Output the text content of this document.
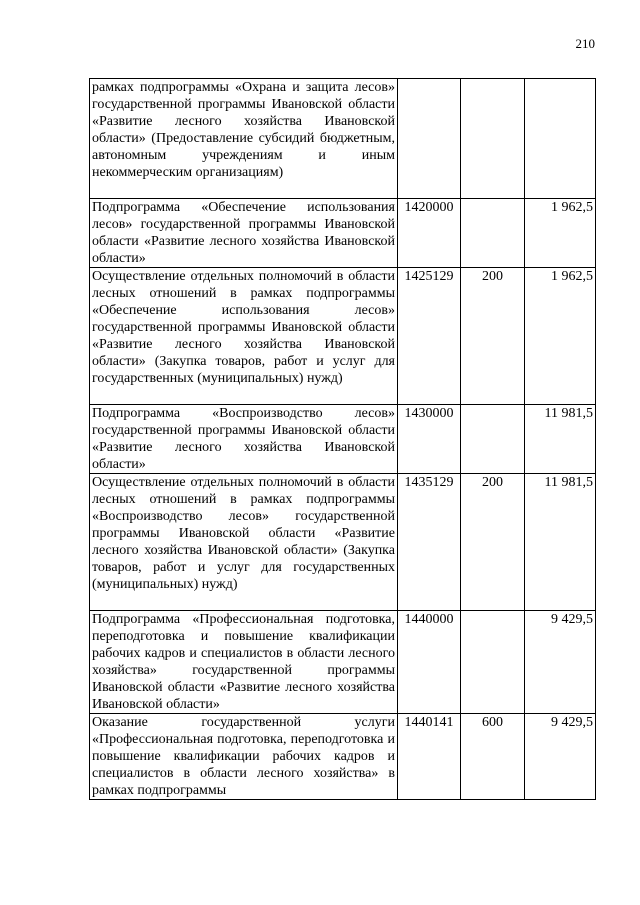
210
рамках подпрограммы «Охрана и защита лесов» государственной программы Ивановской области «Развитие лесного хозяйства Ивановской области» (Предоставление субсидий бюджетным, автономным учреждениям и иным некоммерческим организациям)			
Подпрограмма «Обеспечение использования лесов» государственной программы Ивановской области «Развитие лесного хозяйства Ивановской области»	1420000		1 962,5
Осуществление отдельных полномочий в области лесных отношений в рамках подпрограммы «Обеспечение использования лесов» государственной программы Ивановской области «Развитие лесного хозяйства Ивановской области» (Закупка товаров, работ и услуг для государственных (муниципальных) нужд)	1425129	200	1 962,5
Подпрограмма «Воспроизводство лесов» государственной программы Ивановской области «Развитие лесного хозяйства Ивановской области»	1430000		11 981,5
Осуществление отдельных полномочий в области лесных отношений в рамках подпрограммы «Воспроизводство лесов» государственной программы Ивановской области «Развитие лесного хозяйства Ивановской области» (Закупка товаров, работ и услуг для государственных (муниципальных) нужд)	1435129	200	11 981,5
Подпрограмма «Профессиональная подготовка, переподготовка и повышение квалификации рабочих кадров и специалистов в области лесного хозяйства» государственной программы Ивановской области «Развитие лесного хозяйства Ивановской области»	1440000		9 429,5
Оказание государственной услуги «Профессиональная подготовка, переподготовка и повышение квалификации рабочих кадров и специалистов в области лесного хозяйства» в рамках подпрограммы	1440141	600	9 429,5
